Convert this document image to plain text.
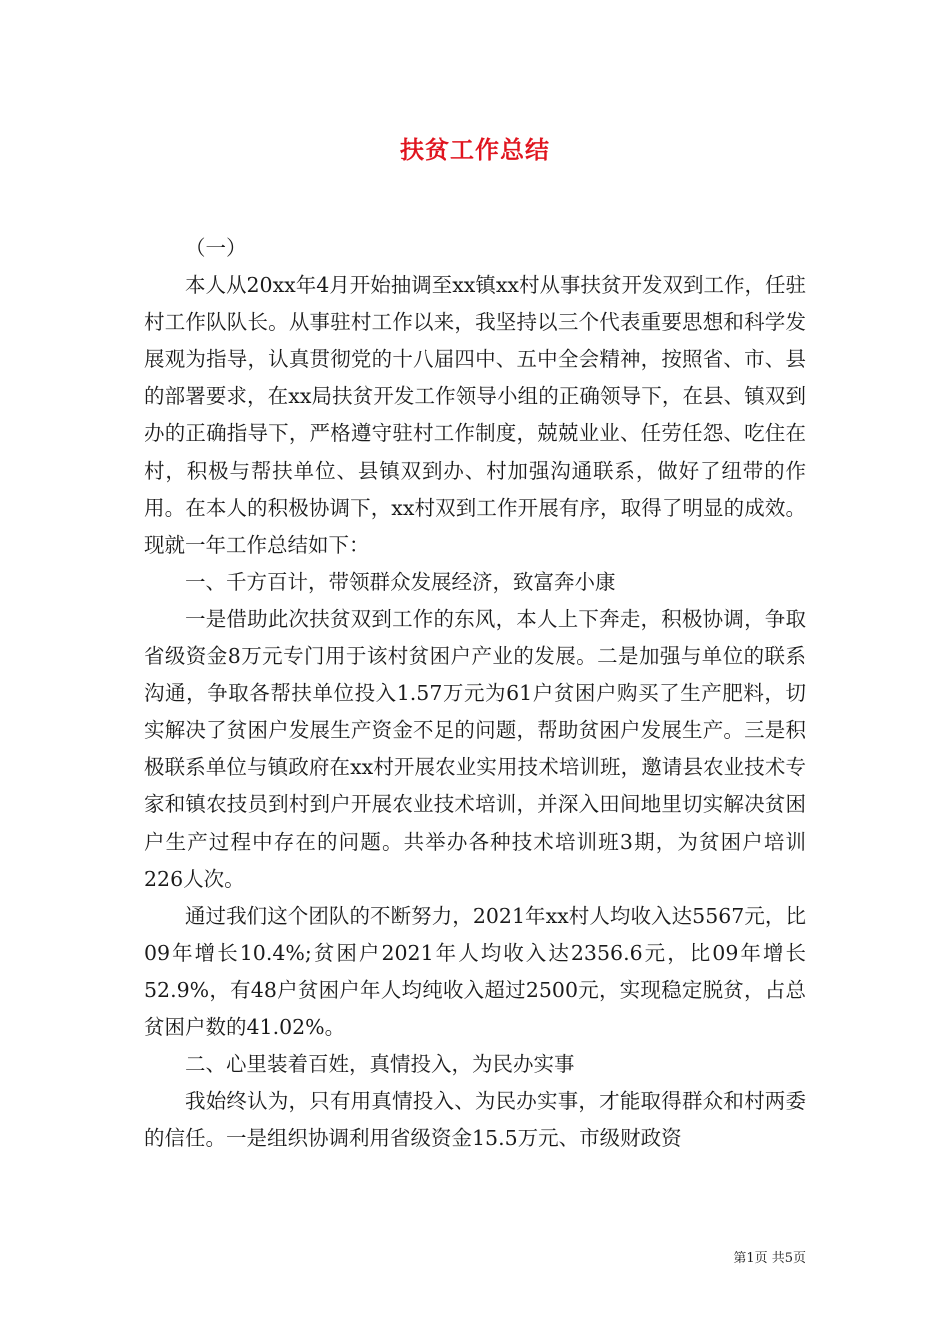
扶贫工作总结

（一）

本人从20xx年4月开始抽调至xx镇xx村从事扶贫开发双到工作，任驻村工作队队长。从事驻村工作以来，我坚持以三个代表重要思想和科学发展观为指导，认真贯彻党的十八届四中、五中全会精神，按照省、市、县的部署要求，在xx局扶贫开发工作领导小组的正确领导下，在县、镇双到办的正确指导下，严格遵守驻村工作制度，兢兢业业、任劳任怨、吃住在村，积极与帮扶单位、县镇双到办、村加强沟通联系，做好了纽带的作用。在本人的积极协调下，xx村双到工作开展有序，取得了明显的成效。现就一年工作总结如下：

一、千方百计，带领群众发展经济，致富奔小康

一是借助此次扶贫双到工作的东风，本人上下奔走，积极协调，争取省级资金8万元专门用于该村贫困户产业的发展。二是加强与单位的联系沟通，争取各帮扶单位投入1.57万元为61户贫困户购买了生产肥料，切实解决了贫困户发展生产资金不足的问题，帮助贫困户发展生产。三是积极联系单位与镇政府在xx村开展农业实用技术培训班，邀请县农业技术专家和镇农技员到村到户开展农业技术培训，并深入田间地里切实解决贫困户生产过程中存在的问题。共举办各种技术培训班3期，为贫困户培训226人次。

通过我们这个团队的不断努力，2021年xx村人均收入达5567元，比09年增长10.4%;贫困户2021年人均收入达2356.6元，比09年增长52.9%，有48户贫困户年人均纯收入超过2500元，实现稳定脱贫，占总贫困户数的41.02%。

二、心里装着百姓，真情投入，为民办实事

我始终认为，只有用真情投入、为民办实事，才能取得群众和村两委的信任。一是组织协调利用省级资金15.5万元、市级财政资

第1页 共5页
